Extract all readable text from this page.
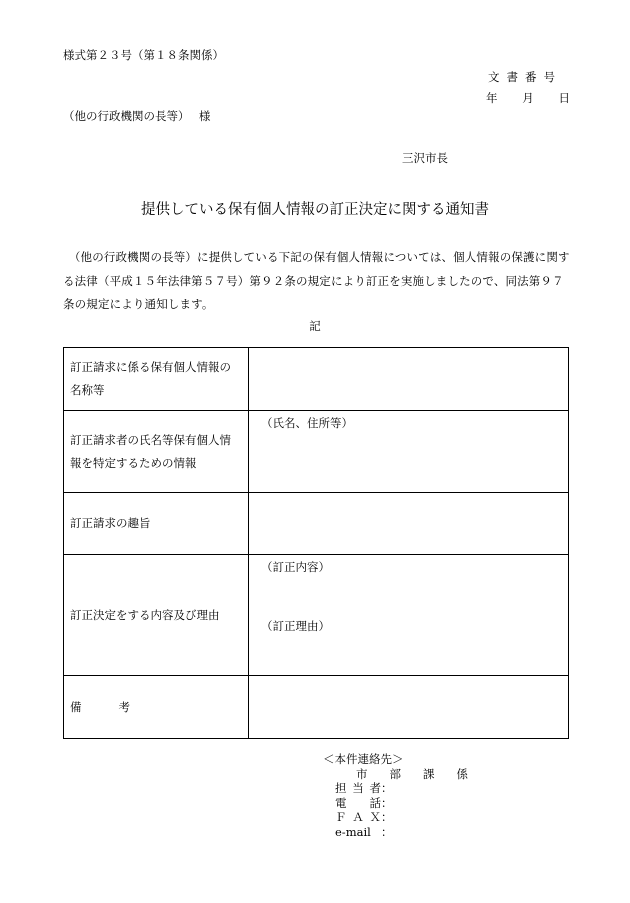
様式第２３号（第１８条関係）
文書番号
年 月 日
（他の行政機関の長等）　 様
三沢市長
提供している保有個人情報の訂正決定に関する通知書
　（他の行政機関の長等）に提供している下記の保有個人情報については、個人情報の保護に関する法律（平成１５年法律第５７号）第９２条の規定により訂正を実施しましたので、同法第９７条の規定により通知します。
記
訂正請求に係る保有個人情報の名称等	
訂正請求者の氏名等保有個人情報を特定するための情報	（氏名、住所等）

訂正請求の趣旨	
訂正決定をする内容及び理由	（訂正内容）
（訂正理由）

備 考	

＜本件連絡先＞
市 部 課 係
担当者 ：
電話 ：
ＦＡＸ ：
e-mail ：
